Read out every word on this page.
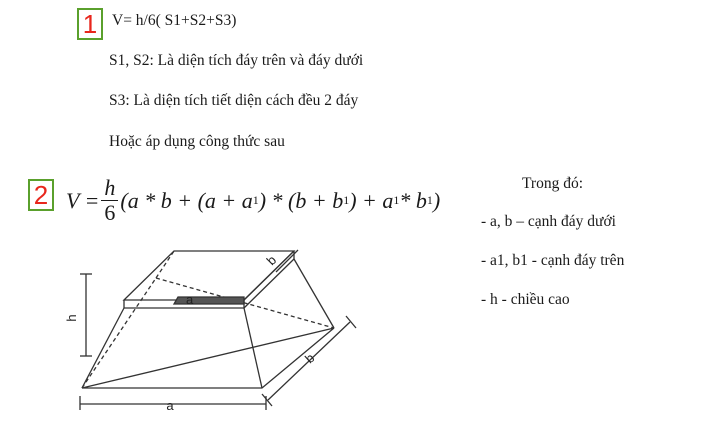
1 V= h/6( S1+S2+S3)
S1, S2: Là diện tích đáy trên và đáy dưới
S3: Là diện tích tiết diện cách đều 2 đáy
Hoặc áp dụng công thức sau
2 $V = \frac{h}{6} (a * b + (a + a$ 1 ) * (b + b 1 ) + a 1 * b 1 )
Trong đó:
- a, b – cạnh đáy dưới
- a1, b1 - cạnh đáy trên
- h - chiều cao
h
a
b
b
a
